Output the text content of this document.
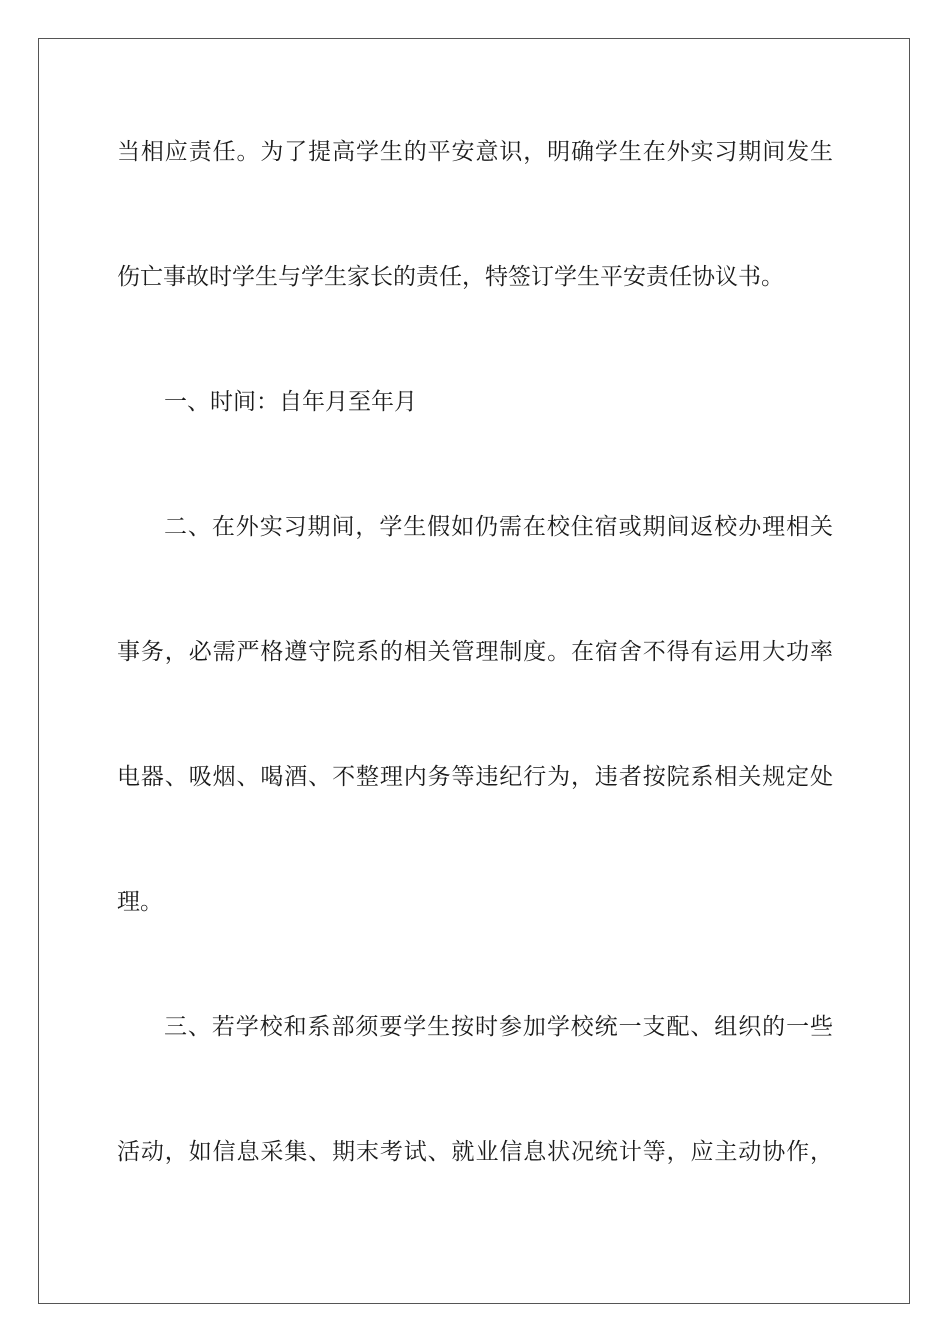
当相应责任。为了提高学生的平安意识，明确学生在外实习期间发生
伤亡事故时学生与学生家长的责任，特签订学生平安责任协议书。
一、时间：自年月至年月
二、在外实习期间，学生假如仍需在校住宿或期间返校办理相关
事务，必需严格遵守院系的相关管理制度。在宿舍不得有运用大功率
电器、吸烟、喝酒、不整理内务等违纪行为，违者按院系相关规定处
理。
三、若学校和系部须要学生按时参加学校统一支配、组织的一些
活动，如信息采集、期末考试、就业信息状况统计等，应主动协作，
